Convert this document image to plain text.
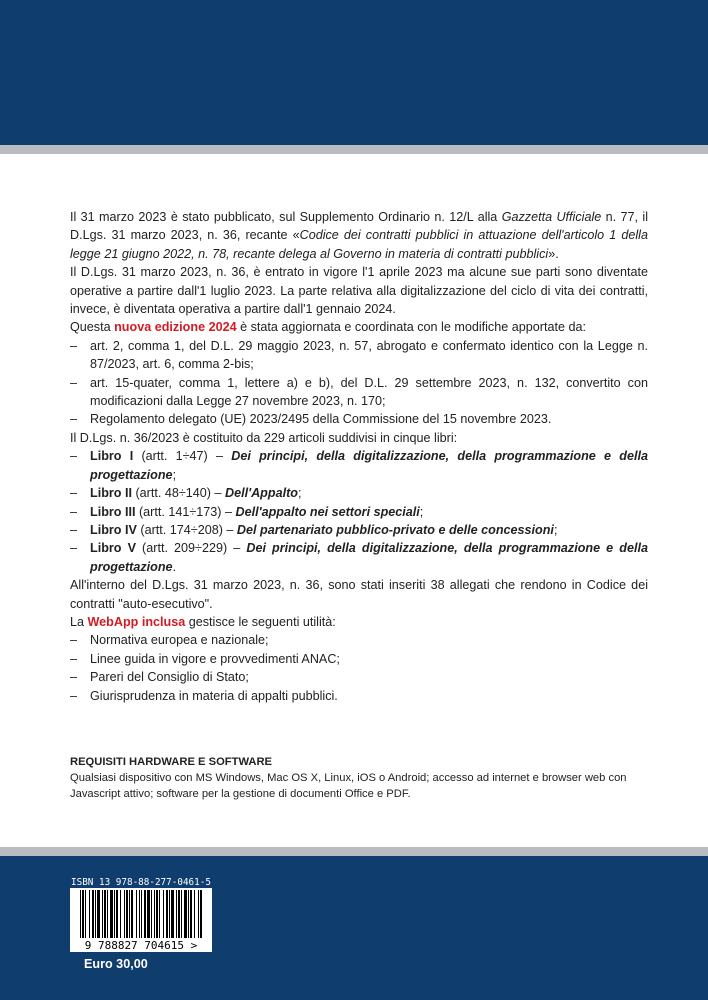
Il 31 marzo 2023 è stato pubblicato, sul Supplemento Ordinario n. 12/L alla Gazzetta Ufficiale n. 77, il D.Lgs. 31 marzo 2023, n. 36, recante «Codice dei contratti pubblici in attuazione dell'articolo 1 della legge 21 giugno 2022, n. 78, recante delega al Governo in materia di contratti pubblici».

Il D.Lgs. 31 marzo 2023, n. 36, è entrato in vigore l'1 aprile 2023 ma alcune sue parti sono diventate operative a partire dall'1 luglio 2023. La parte relativa alla digitalizzazione del ciclo di vita dei contratti, invece, è diventata operativa a partire dall'1 gennaio 2024.

Questa nuova edizione 2024 è stata aggiornata e coordinata con le modifiche apportate da:

– art. 2, comma 1, del D.L. 29 maggio 2023, n. 57, abrogato e confermato identico con la Legge n. 87/2023, art. 6, comma 2-bis;
– art. 15-quater, comma 1, lettere a) e b), del D.L. 29 settembre 2023, n. 132, convertito con modificazioni dalla Legge 27 novembre 2023, n. 170;
– Regolamento delegato (UE) 2023/2495 della Commissione del 15 novembre 2023.

Il D.Lgs. n. 36/2023 è costituito da 229 articoli suddivisi in cinque libri:

– Libro I (artt. 1÷47) – Dei principi, della digitalizzazione, della programmazione e della progettazione;
– Libro II (artt. 48÷140) – Dell'Appalto;
– Libro III (artt. 141÷173) – Dell'appalto nei settori speciali;
– Libro IV (artt. 174÷208) – Del partenariato pubblico-privato e delle concessioni;
– Libro V (artt. 209÷229) – Dei principi, della digitalizzazione, della programmazione e della progettazione.

All'interno del D.Lgs. 31 marzo 2023, n. 36, sono stati inseriti 38 allegati che rendono in Codice dei contratti "auto-esecutivo".

La WebApp inclusa gestisce le seguenti utilità:

– Normativa europea e nazionale;
– Linee guida in vigore e provvedimenti ANAC;
– Pareri del Consiglio di Stato;
– Giurisprudenza in materia di appalti pubblici.
REQUISITI HARDWARE E SOFTWARE
Qualsiasi dispositivo con MS Windows, Mac OS X, Linux, iOS o Android; accesso ad internet e browser web con Javascript attivo; software per la gestione di documenti Office e PDF.
ISBN 13 978-88-277-0461-5
9 788827 704615 >
Euro 30,00
